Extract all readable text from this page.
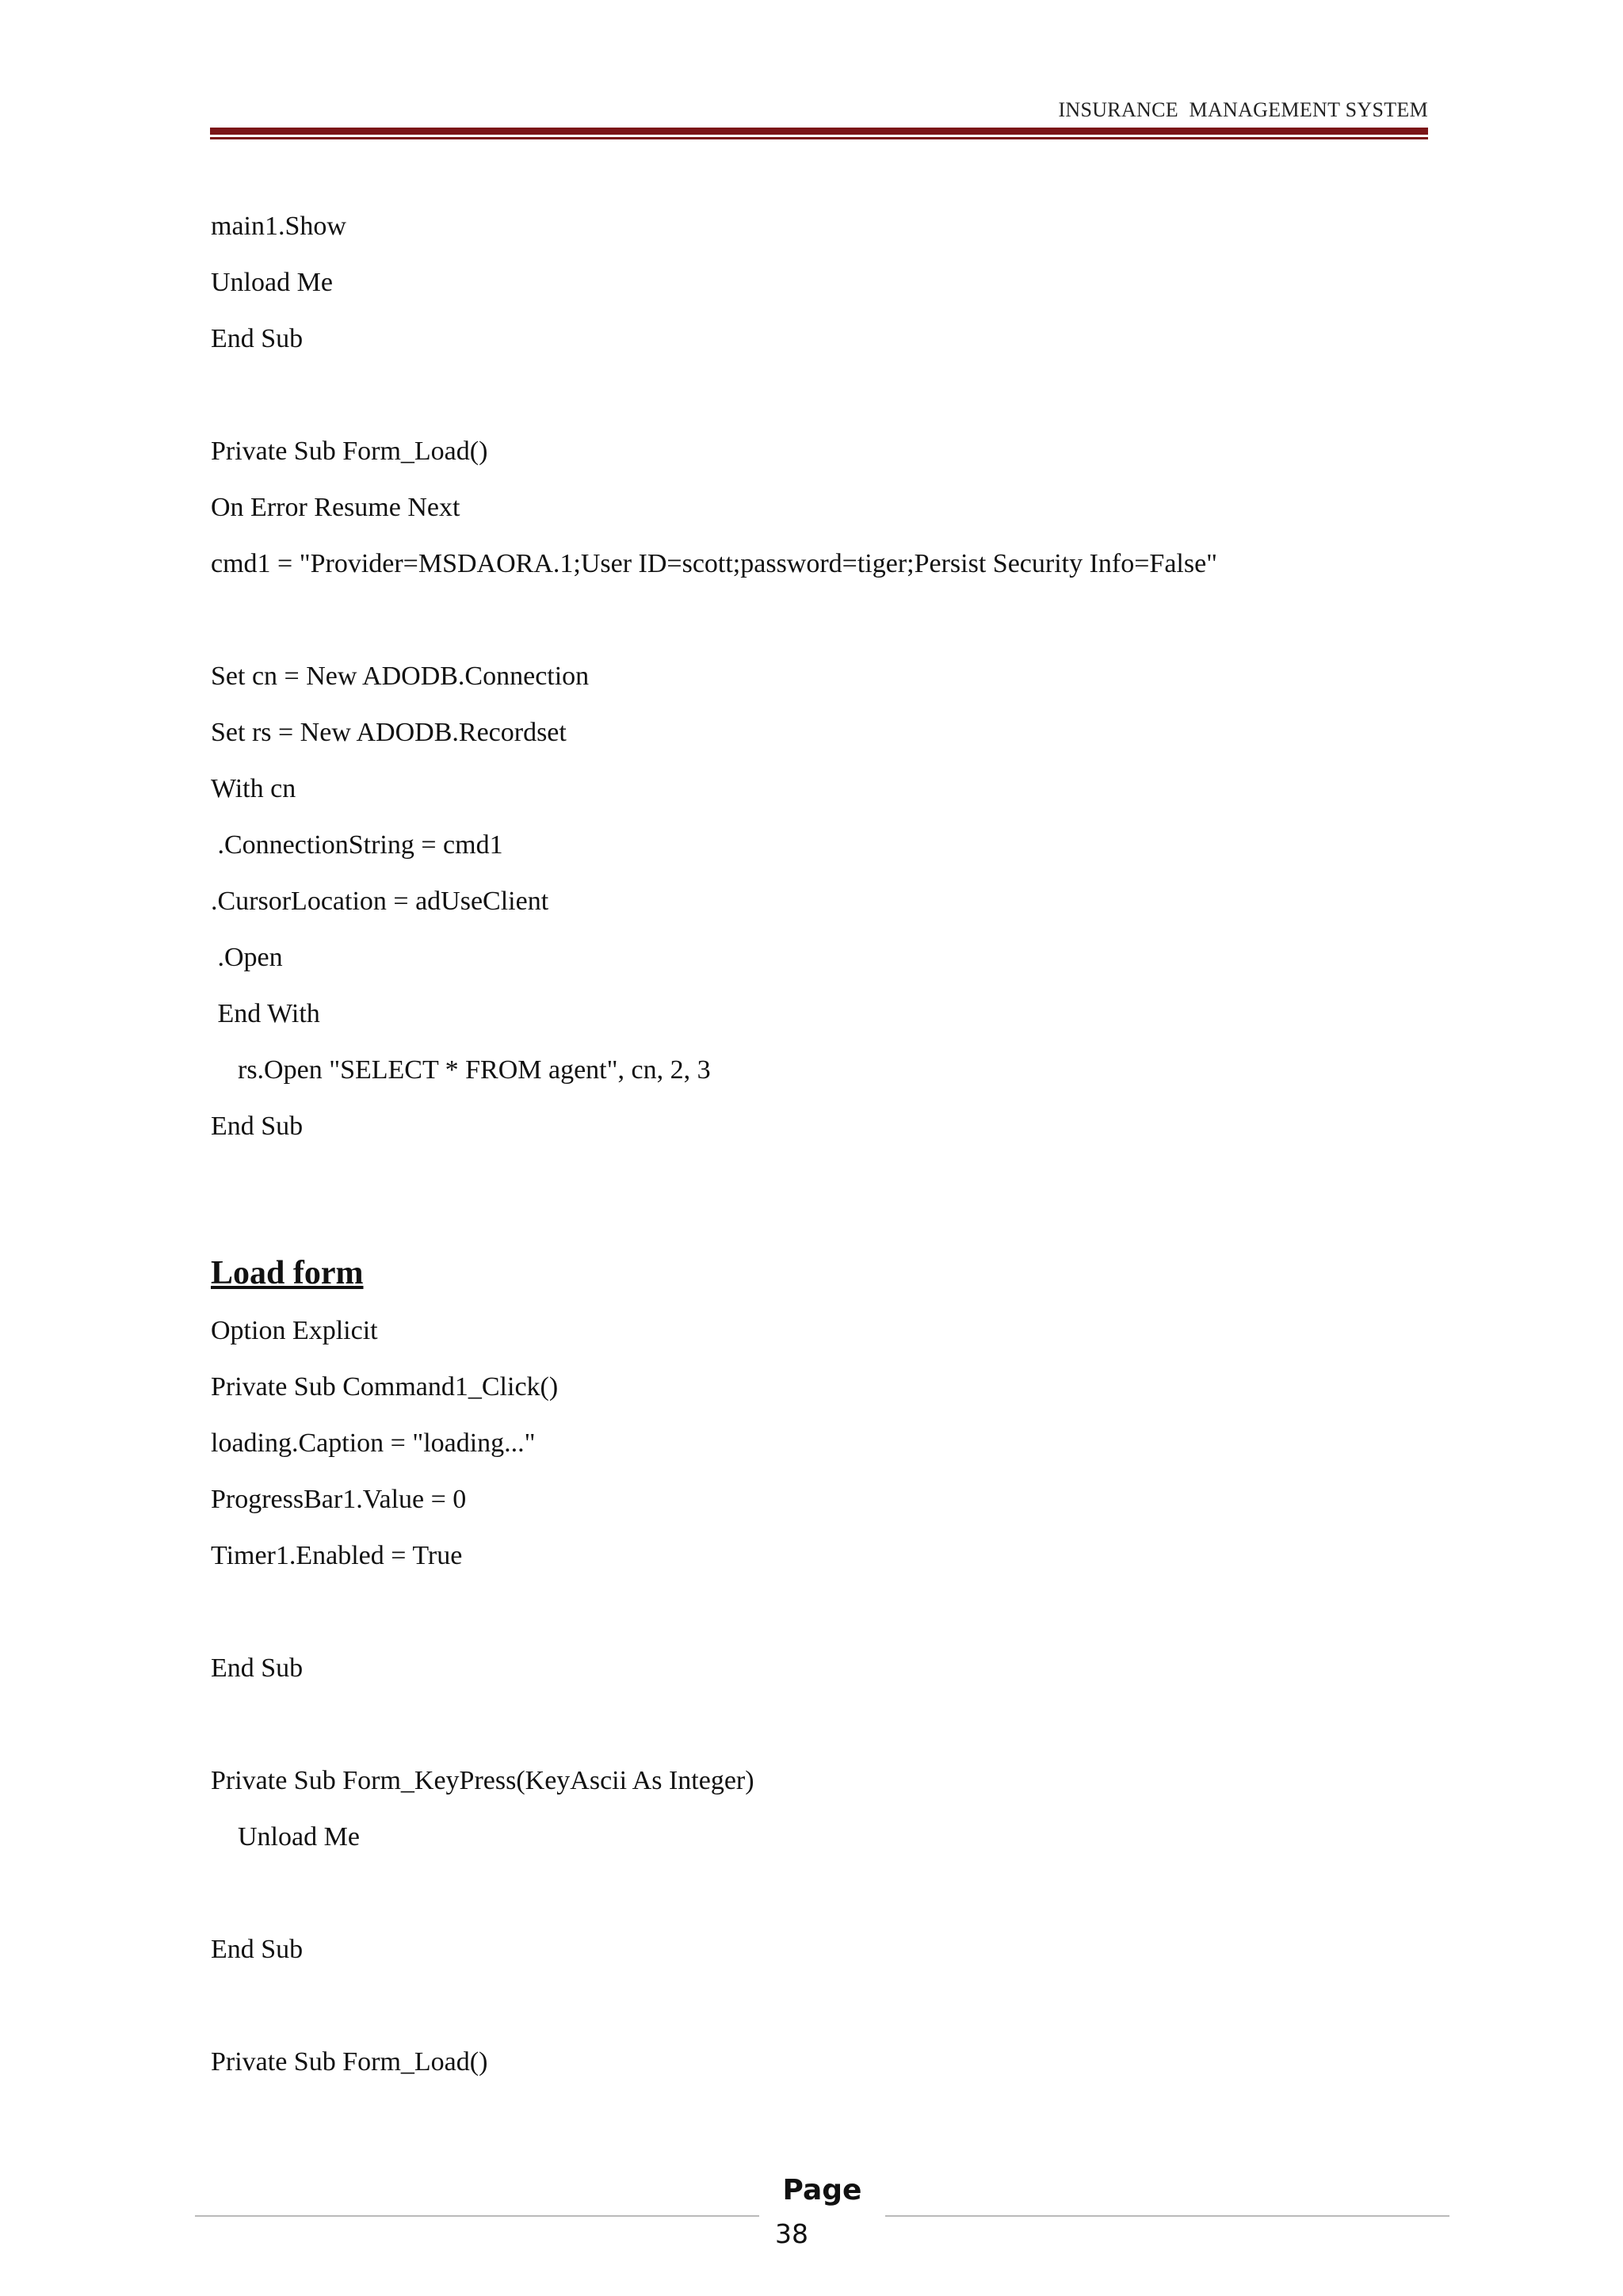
INSURANCE  MANAGEMENT SYSTEM
main1.Show
Unload Me
End Sub
Private Sub Form_Load()
On Error Resume Next
cmd1 = "Provider=MSDAORA.1;User ID=scott;password=tiger;Persist Security Info=False"
Set cn = New ADODB.Connection
Set rs = New ADODB.Recordset
With cn
.ConnectionString = cmd1
.CursorLocation = adUseClient
.Open
End With
rs.Open "SELECT * FROM agent", cn, 2, 3
End Sub
Load form
Option Explicit
Private Sub Command1_Click()
loading.Caption = "loading..."
ProgressBar1.Value = 0
Timer1.Enabled = True
End Sub
Private Sub Form_KeyPress(KeyAscii As Integer)
Unload Me
End Sub
Private Sub Form_Load()
Page
38
